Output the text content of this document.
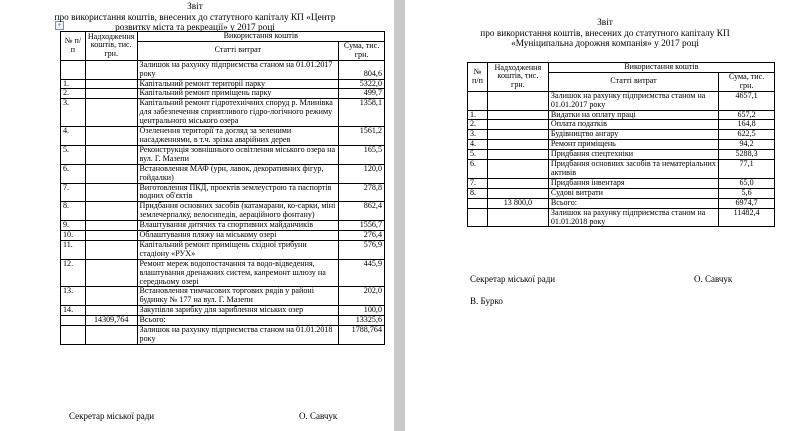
+
Звіт
про використання коштів, внесених до статутного капіталу КП «Центр
розвитку міста та рекреації» у 2017 році
№ п/п	Надходження коштів, тис. грн.	Використання коштів	
		Статті витрат	Сума, тис. грн.
		Залишок на рахунку підприємства станом на 01.01.2017 року	804,6
1.		Капітальний ремонт території парку	5322,0
2.		Капітальний ремонт приміщень парку	499,7
3.		Капітальний ремонт гідротехнічних споруд р. Млинівка для забезпечення сприятливого гідро-логічного режиму центрального міського озера	1358,1
4.		Озеленення території та догляд за зеленими насадженнями, в т.ч. зрізка аварійних дерев	1561,2
5.		Реконструкція зовнішнього освітлення міського озера на вул. Г. Мазепи	165,5
6.		Встановлення МАФ (урн, лавок, декоративних фігур, гойдалки)	120,0
7.		Виготовлення ПКД, проектів землеустрою та паспортів водних об'єктів	278,8
8.		Придбання основних засобів (катамарани, ко-сарки, міні землечерпалку, велосипедів, аераційного фонтану)	862,4
9.		Влаштування дитячих та спортивних майданчиків	1556,7
10.		Облаштування пляжу на міському озері	276,4
11.		Капітальний ремонт приміщень східної трибуни стадіону «РУХ»	576,9
12.		Ремонт мереж водопостачання та водо-відведення, влаштування дренажних систем, капремонт шлюзу на середньому озері	445,9
13.		Встановлення тимчасових торгових рядів у районі будинку № 177 на вул. Г. Мазепи	202,0
14.		Закупівля зарибку для зариблення міських озер	100,0
	14309,764	Всього:	13325,6
		Залишок на рахунку підприємства станом на 01.01.2018 року	1788,764
Секретар міської ради	О. Савчук
Звіт
про використання коштів, внесених до статутного капіталу КП
«Муніципальна дорожня компанія» у 2017 році
№ п/п	Надходження коштів, тис. грн.	Використання коштів	
		Статті витрат	Сума, тис. грн.
		Залишок на рахунку підприємства станом на 01.01.2017 року	4657,1
1.		Видатки на оплату праці	657,2
2.		Оплата податків	164,8
3.		Будівництво ангару	622,5
4.		Ремонт приміщень	94,2
5.		Придбання спецтехніки	5288,3
6.		Придбання основних засобів та нематеріальних активів	77,1
7.		Придбання інвентаря	65,0
8.		Судові витрати	5,6
	13 800,0	Всього:	6974,7
		Залишок на рахунку підприємства станом на 01.01.2018 року	11482,4
Секретар міської ради	О. Савчук
В. Бурко
